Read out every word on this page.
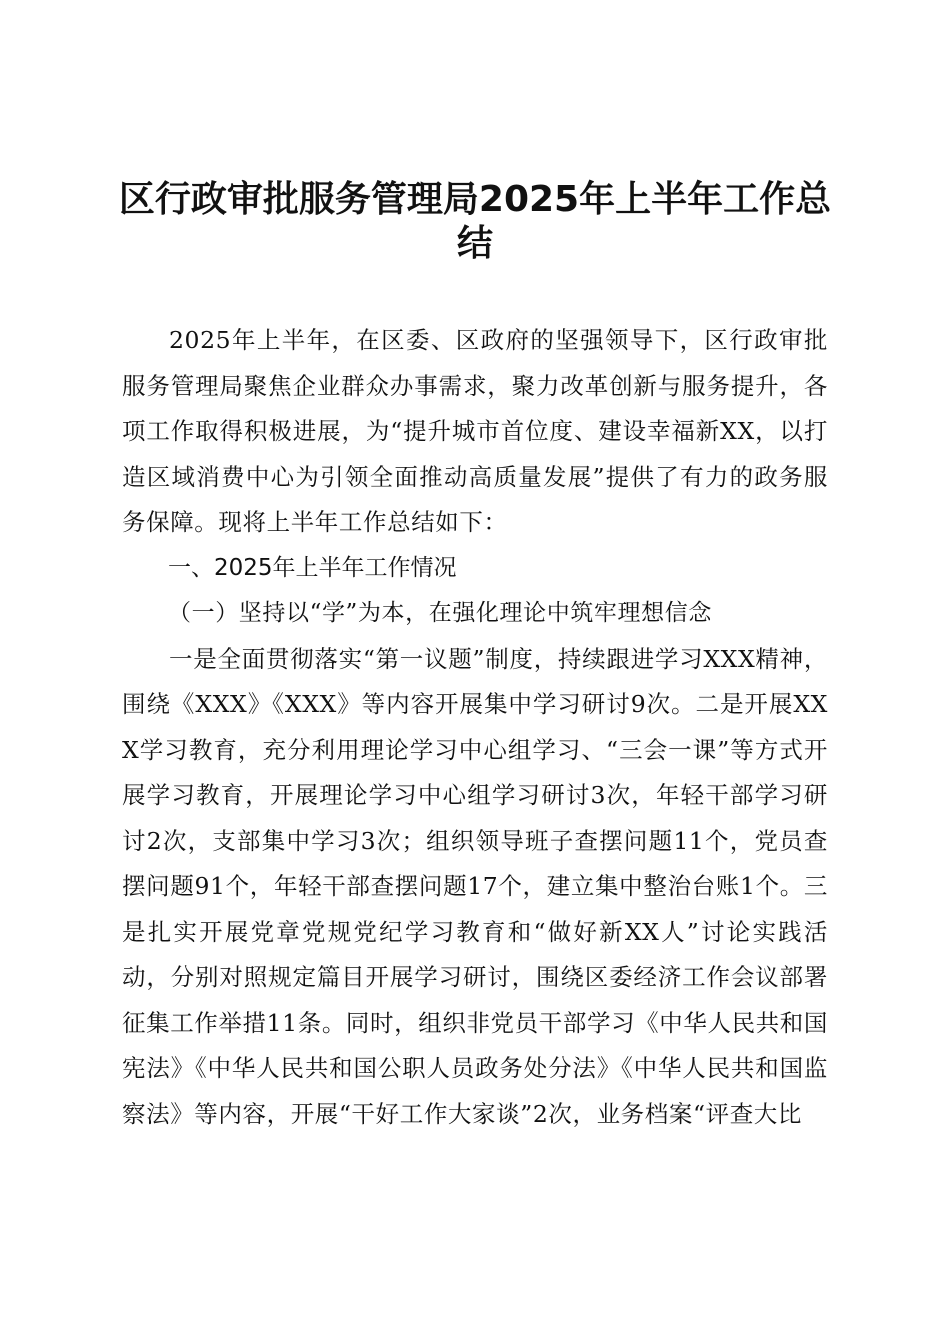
区行政审批服务管理局2025年上半年工作总结

2025年上半年，在区委、区政府的坚强领导下，区行政审批服务管理局聚焦企业群众办事需求，聚力改革创新与服务提升，各项工作取得积极进展，为“提升城市首位度、建设幸福新XX，以打造区域消费中心为引领全面推动高质量发展”提供了有力的政务服务保障。现将上半年工作总结如下：

一、2025年上半年工作情况

（一）坚持以“学”为本，在强化理论中筑牢理想信念

一是全面贯彻落实“第一议题”制度，持续跟进学习XXX精神，围绕《XXX》《XXX》等内容开展集中学习研讨9次。二是开展XXX学习教育，充分利用理论学习中心组学习、“三会一课”等方式开展学习教育，开展理论学习中心组学习研讨3次，年轻干部学习研讨2次，支部集中学习3次；组织领导班子查摆问题11个，党员查摆问题91个，年轻干部查摆问题17个，建立集中整治台账1个。三是扎实开展党章党规党纪学习教育和“做好新XX人”讨论实践活动，分别对照规定篇目开展学习研讨，围绕区委经济工作会议部署征集工作举措11条。同时，组织非党员干部学习《中华人民共和国宪法》《中华人民共和国公职人员政务处分法》《中华人民共和国监察法》等内容，开展“干好工作大家谈”2次，业务档案“评查大比
